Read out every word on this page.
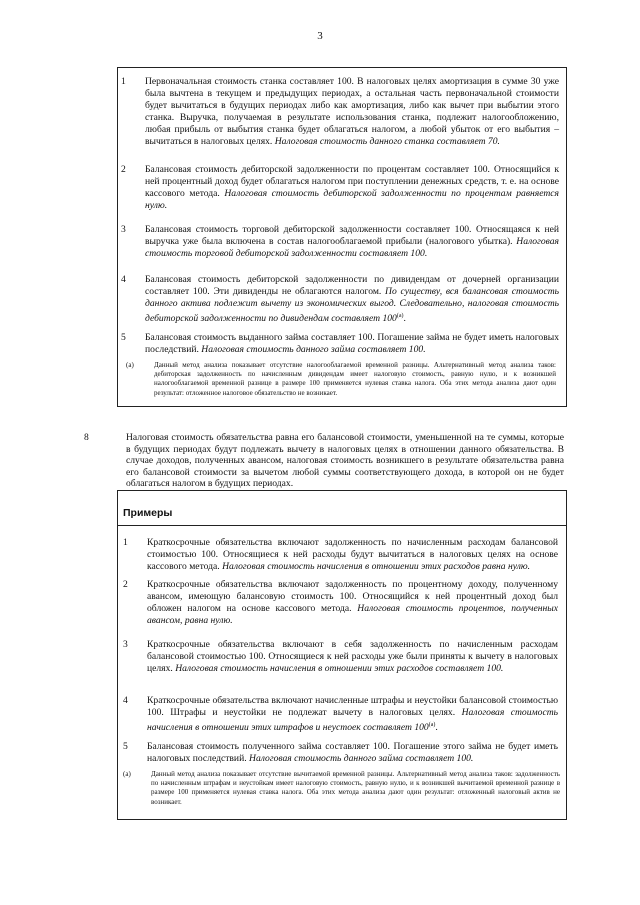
3
1 Первоначальная стоимость станка составляет 100. В налоговых целях амортизация в сумме 30 уже была вычтена в текущем и предыдущих периодах, а остальная часть первоначальной стоимости будет вычитаться в будущих периодах либо как амортизация, либо как вычет при выбытии этого станка. Выручка, получаемая в результате использования станка, подлежит налогообложению, любая прибыль от выбытия станка будет облагаться налогом, а любой убыток от его выбытия – вычитаться в налоговых целях. Налоговая стоимость данного станка составляет 70.
2 Балансовая стоимость дебиторской задолженности по процентам составляет 100. Относящийся к ней процентный доход будет облагаться налогом при поступлении денежных средств, т. е. на основе кассового метода. Налоговая стоимость дебиторской задолженности по процентам равняется нулю.
3 Балансовая стоимость торговой дебиторской задолженности составляет 100. Относящаяся к ней выручка уже была включена в состав налогооблагаемой прибыли (налогового убытка). Налоговая стоимость торговой дебиторской задолженности составляет 100.
4 Балансовая стоимость дебиторской задолженности по дивидендам от дочерней организации составляет 100. Эти дивиденды не облагаются налогом. По существу, вся балансовая стоимость данного актива подлежит вычету из экономических выгод. Следовательно, налоговая стоимость дебиторской задолженности по дивидендам составляет $100^{(а)}$.
5 Балансовая стоимость выданного займа составляет 100. Погашение займа не будет иметь налоговых последствий. Налоговая стоимость данного займа составляет 100.
(a)	Данный метод анализа показывает отсутствие налогооблагаемой временной разницы. Альтернативный метод анализа таков: дебиторская задолженность по начисленным дивидендам имеет налоговую стоимость, равную нулю, и к возникшей налогооблагаемой временной разнице в размере 100 применяется нулевая ставка налога. Оба этих метода анализа дают один результат: отложенное налоговое обязательство не возникает.
8	Налоговая стоимость обязательства равна его балансовой стоимости, уменьшенной на те суммы, которые в будущих периодах будут подлежать вычету в налоговых целях в отношении данного обязательства. В случае доходов, полученных авансом, налоговая стоимость возникшего в результате обязательства равна его балансовой стоимости за вычетом любой суммы соответствующего дохода, в которой он не будет облагаться налогом в будущих периодах.
Примеры
1 Краткосрочные обязательства включают задолженность по начисленным расходам балансовой стоимостью 100. Относящиеся к ней расходы будут вычитаться в налоговых целях на основе кассового метода. Налоговая стоимость начисления в отношении этих расходов равна нулю.
2 Краткосрочные обязательства включают задолженность по процентному доходу, полученному авансом, имеющую балансовую стоимость 100. Относящийся к ней процентный доход был обложен налогом на основе кассового метода. Налоговая стоимость процентов, полученных авансом, равна нулю.
3 Краткосрочные обязательства включают в себя задолженность по начисленным расходам балансовой стоимостью 100. Относящиеся к ней расходы уже были приняты к вычету в налоговых целях. Налоговая стоимость начисления в отношении этих расходов составляет 100.
4 Краткосрочные обязательства включают начисленные штрафы и неустойки балансовой стоимостью 100. Штрафы и неустойки не подлежат вычету в налоговых целях. Налоговая стоимость начисления в отношении этих штрафов и неустоек составляет $100^{(а)}$.
5 Балансовая стоимость полученного займа составляет 100. Погашение этого займа не будет иметь налоговых последствий. Налоговая стоимость данного займа составляет 100.
(a)	Данный метод анализа показывает отсутствие вычитаемой временной разницы. Альтернативный метод анализа таков: задолженность по начисленным штрафам и неустойкам имеет налоговую стоимость, равную нулю, и к возникшей вычитаемой временной разнице в размере 100 применяется нулевая ставка налога. Оба этих метода анализа дают один результат: отложенный налоговый актив не возникает.
